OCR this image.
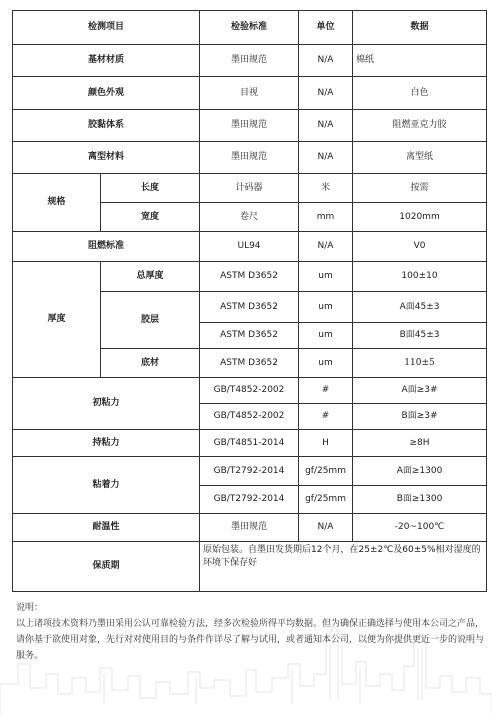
检测项目		检验标准	单位	数据
基材材质		墨田规范	N/A	棉纸
颜色外观		目视	N/A	白色
胶黏体系		墨田规范	N/A	阻燃亚克力胶
离型材料		墨田规范	N/A	离型纸
规格	长度	计码器	米	按需
	宽度	卷尺	mm	1020mm
阻燃标准		UL94	N/A	V0
厚度	总厚度	ASTM D3652	um	100±10
	胶层	ASTM D3652	um	A面45±3
		ASTM D3652	um	B面45±3
	底材	ASTM D3652	um	110±5
初粘力		GB/T4852-2002	#	A面≥3#
		GB/T4852-2002	#	B面≥3#
持粘力		GB/T4851-2014	H	≥8H
粘着力		GB/T2792-2014	gf/25mm	A面≥1300
		GB/T2792-2014	gf/25mm	B面≥1300
耐温性		墨田规范	N/A	-20~100℃
保质期		原始包装。自墨田发货期后12个月，在25±2℃及60±5%相对湿度的环境下保存好		
说明：
以上诸项技术资料乃墨田采用公认可靠检验方法，经多次检验所得平均数据。但为确保正确选择与使用本公司之产品，请你基于欲使用对象，先行对对使用目的与条件作详尽了解与试用，或者通知本公司，以便为你提供更近一步的说明与服务。
